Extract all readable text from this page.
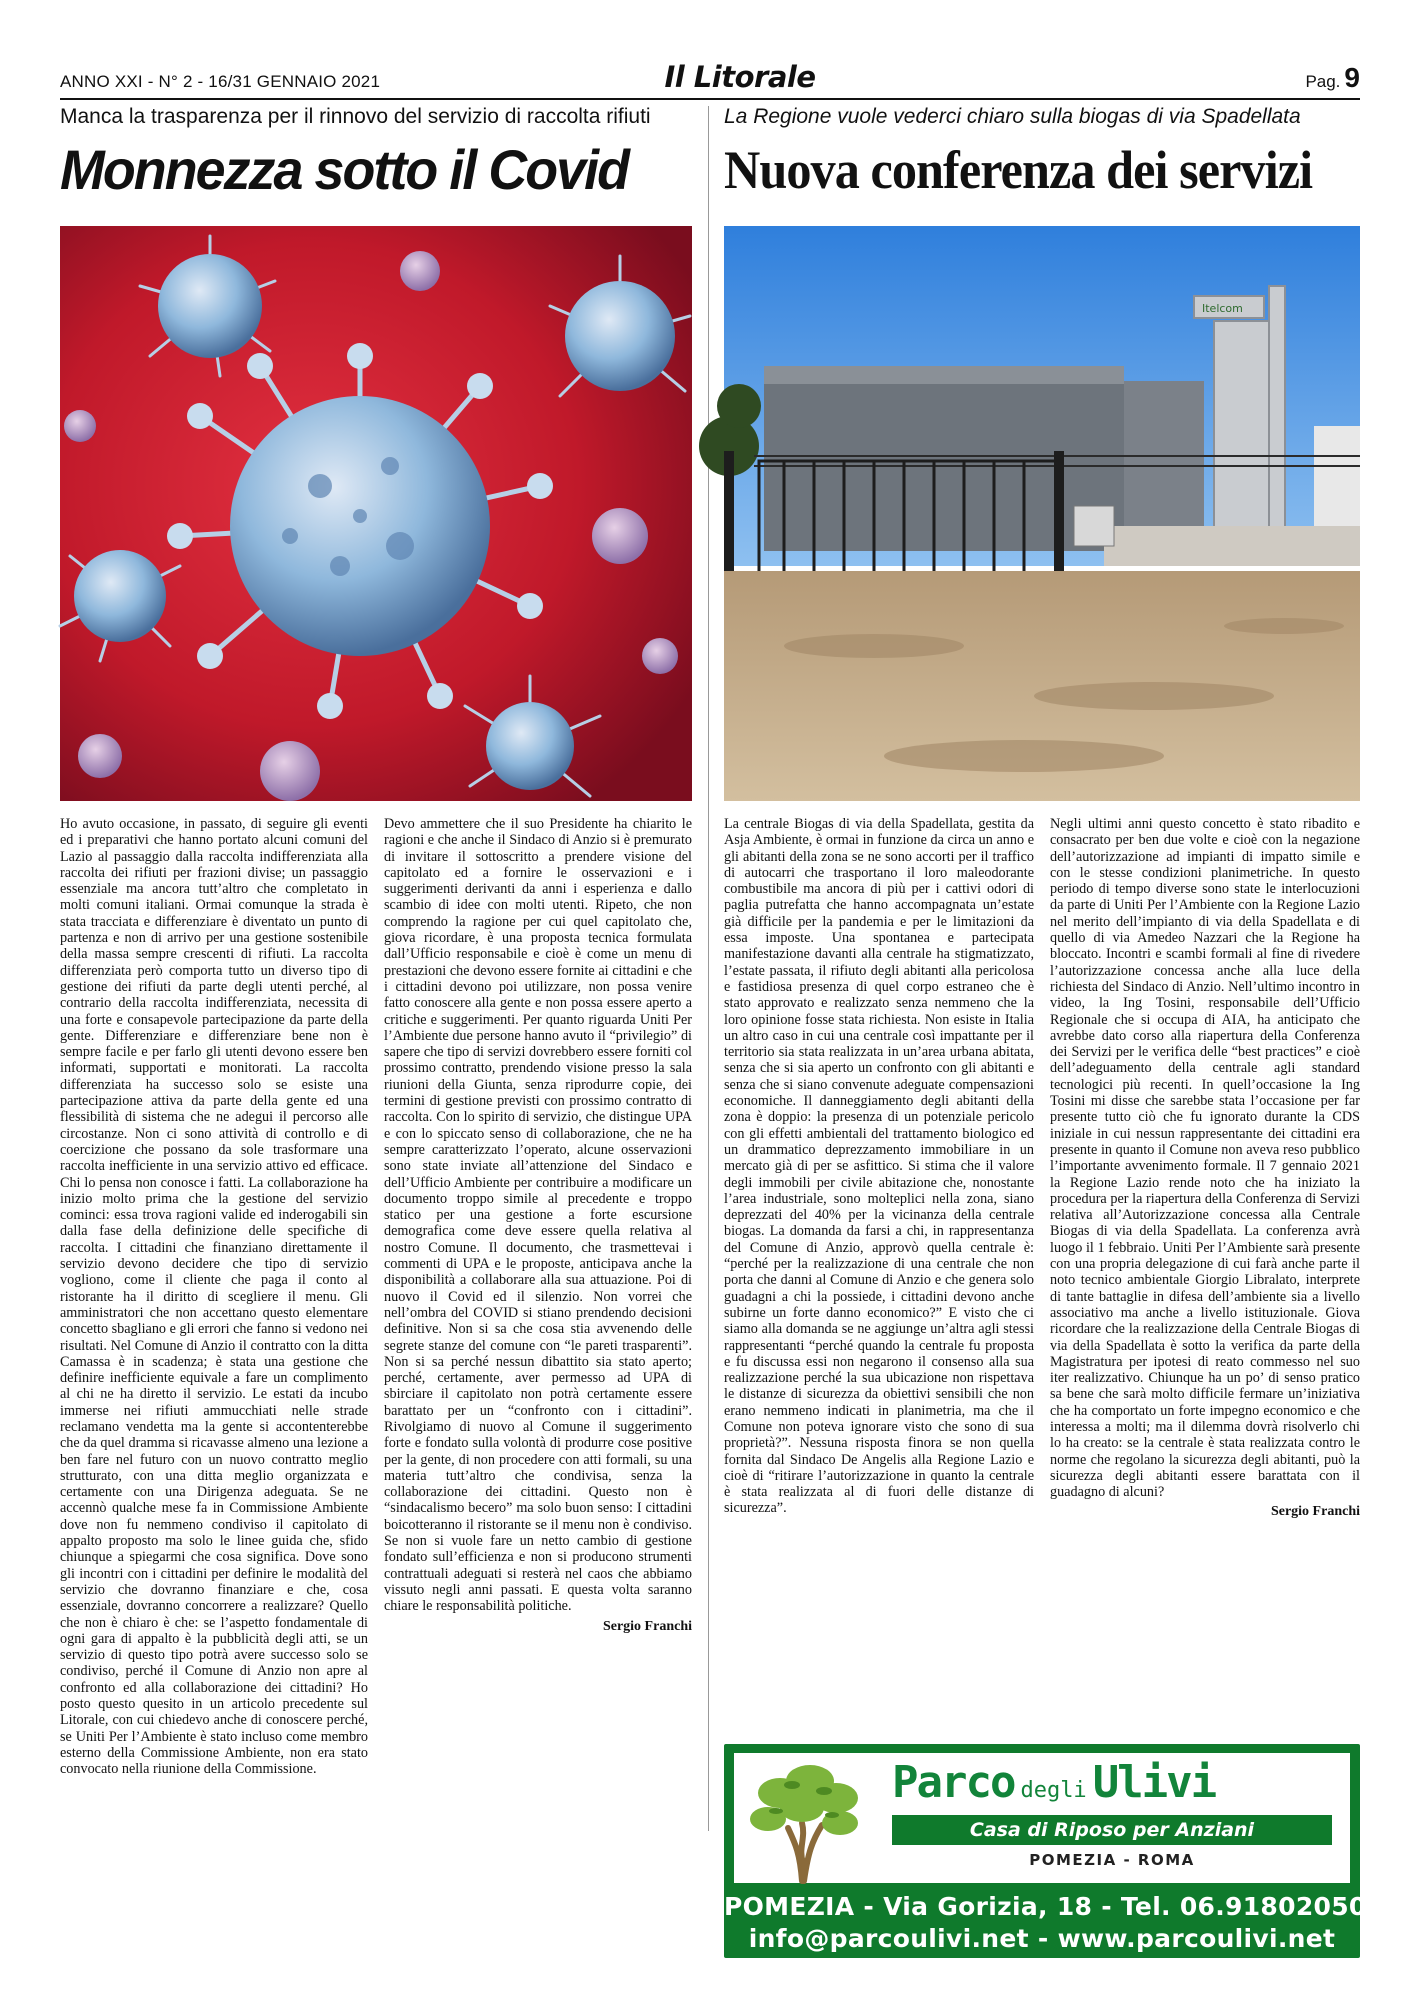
ANNO XXI - N° 2 - 16/31 GENNAIO 2021	Il Litorale	Pag. 9
Manca la trasparenza per il rinnovo del servizio di raccolta rifiuti
Monnezza sotto il Covid

Ho avuto occasione, in passato, di seguire gli eventi ed i preparativi che hanno portato alcuni comuni del Lazio al passaggio dalla raccolta indifferenziata alla raccolta dei rifiuti per frazioni divise; un passaggio essenziale ma ancora tutt’altro che completato in molti comuni italiani. Ormai comunque la strada è stata tracciata e differenziare è diventato un punto di partenza e non di arrivo per una gestione sostenibile della massa sempre crescenti di rifiuti. La raccolta differenziata però comporta tutto un diverso tipo di gestione dei rifiuti da parte degli utenti perché, al contrario della raccolta indifferenziata, necessita di una forte e consapevole partecipazione da parte della gente. Differenziare e differenziare bene non è sempre facile e per farlo gli utenti devono essere ben informati, supportati e monitorati. La raccolta differenziata ha successo solo se esiste una partecipazione attiva da parte della gente ed una flessibilità di sistema che ne adegui il percorso alle circostanze. Non ci sono attività di controllo e di coercizione che possano da sole trasformare una raccolta inefficiente in una servizio attivo ed efficace. Chi lo pensa non conosce i fatti. La collaborazione ha inizio molto prima che la gestione del servizio cominci: essa trova ragioni valide ed inderogabili sin dalla fase della definizione delle specifiche di raccolta. I cittadini che finanziano direttamente il servizio devono decidere che tipo di servizio vogliono, come il cliente che paga il conto al ristorante ha il diritto di scegliere il menu. Gli amministratori che non accettano questo elementare concetto sbagliano e gli errori che fanno si vedono nei risultati. Nel Comune di Anzio il contratto con la ditta Camassa è in scadenza; è stata una gestione che definire inefficiente equivale a fare un complimento al chi ne ha diretto il servizio. Le estati da incubo immerse nei rifiuti ammucchiati nelle strade reclamano vendetta ma la gente si accontenterebbe che da quel dramma si ricavasse almeno una lezione a ben fare nel futuro con un nuovo contratto meglio strutturato, con una ditta meglio organizzata e certamente con una Dirigenza adeguata. Se ne accennò qualche mese fa in Commissione Ambiente dove non fu nemmeno condiviso il capitolato di appalto proposto ma solo le linee guida che, sfido chiunque a spiegarmi che cosa significa. Dove sono gli incontri con i cittadini per definire le modalità del servizio che dovranno finanziare e che, cosa essenziale, dovranno concorrere a realizzare? Quello che non è chiaro è che: se l’aspetto fondamentale di ogni gara di appalto è la pubblicità degli atti, se un servizio di questo tipo potrà avere successo solo se condiviso, perché il Comune di Anzio non apre al confronto ed alla collaborazione dei cittadini? Ho posto questo quesito in un articolo precedente sul Litorale, con cui chiedevo anche di conoscere perché, se Uniti Per l’Ambiente è stato incluso come membro esterno della Commissione Ambiente, non era stato convocato nella riunione della Commissione.

Devo ammettere che il suo Presidente ha chiarito le ragioni e che anche il Sindaco di Anzio si è premurato di invitare il sottoscritto a prendere visione del capitolato ed a fornire le osservazioni e i suggerimenti derivanti da anni i esperienza e dallo scambio di idee con molti utenti. Ripeto, che non comprendo la ragione per cui quel capitolato che, giova ricordare, è una proposta tecnica formulata dall’Ufficio responsabile e cioè è come un menu di prestazioni che devono essere fornite ai cittadini e che i cittadini devono poi utilizzare, non possa venire fatto conoscere alla gente e non possa essere aperto a critiche e suggerimenti. Per quanto riguarda Uniti Per l’Ambiente due persone hanno avuto il “privilegio” di sapere che tipo di servizi dovrebbero essere forniti col prossimo contratto, prendendo visione presso la sala riunioni della Giunta, senza riprodurre copie, dei termini di gestione previsti con prossimo contratto di raccolta. Con lo spirito di servizio, che distingue UPA e con lo spiccato senso di collaborazione, che ne ha sempre caratterizzato l’operato, alcune osservazioni sono state inviate all’attenzione del Sindaco e dell’Ufficio Ambiente per contribuire a modificare un documento troppo simile al precedente e troppo statico per una gestione a forte escursione demografica come deve essere quella relativa al nostro Comune. Il documento, che trasmettevai i commenti di UPA e le proposte, anticipava anche la disponibilità a collaborare alla sua attuazione. Poi di nuovo il Covid ed il silenzio. Non vorrei che nell’ombra del COVID si stiano prendendo decisioni definitive. Non si sa che cosa stia avvenendo delle segrete stanze del comune con “le pareti trasparenti”. Non si sa perché nessun dibattito sia stato aperto; perché, certamente, aver permesso ad UPA di sbirciare il capitolato non potrà certamente essere barattato per un “confronto con i cittadini”. Rivolgiamo di nuovo al Comune il suggerimento forte e fondato sulla volontà di produrre cose positive per la gente, di non procedere con atti formali, su una materia tutt’altro che condivisa, senza la collaborazione dei cittadini. Questo non è “sindacalismo becero” ma solo buon senso: I cittadini boicotteranno il ristorante se il menu non è condiviso. Se non si vuole fare un netto cambio di gestione fondato sull’efficienza e non si producono strumenti contrattuali adeguati si resterà nel caos che abbiamo vissuto negli anni passati. E questa volta saranno chiare le responsabilità politiche.

Sergio Franchi
La Regione vuole vederci chiaro sulla biogas di via Spadellata
Nuova conferenza dei servizi
Itelcom

La centrale Biogas di via della Spadellata, gestita da Asja Ambiente, è ormai in funzione da circa un anno e gli abitanti della zona se ne sono accorti per il traffico di autocarri che trasportano il loro maleodorante combustibile ma ancora di più per i cattivi odori di paglia putrefatta che hanno accompagnata un’estate già difficile per la pandemia e per le limitazioni da essa imposte. Una spontanea e partecipata manifestazione davanti alla centrale ha stigmatizzato, l’estate passata, il rifiuto degli abitanti alla pericolosa e fastidiosa presenza di quel corpo estraneo che è stato approvato e realizzato senza nemmeno che la loro opinione fosse stata richiesta. Non esiste in Italia un altro caso in cui una centrale così impattante per il territorio sia stata realizzata in un’area urbana abitata, senza che si sia aperto un confronto con gli abitanti e senza che si siano convenute adeguate compensazioni economiche. Il danneggiamento degli abitanti della zona è doppio: la presenza di un potenziale pericolo con gli effetti ambientali del trattamento biologico ed un drammatico deprezzamento immobiliare in un mercato già di per se asfittico. Si stima che il valore degli immobili per civile abitazione che, nonostante l’area industriale, sono molteplici nella zona, siano deprezzati del 40% per la vicinanza della centrale biogas. La domanda da farsi a chi, in rappresentanza del Comune di Anzio, approvò quella centrale è: “perché per la realizzazione di una centrale che non porta che danni al Comune di Anzio e che genera solo guadagni a chi la possiede, i cittadini devono anche subirne un forte danno economico?” E visto che ci siamo alla domanda se ne aggiunge un’altra agli stessi rappresentanti “perché quando la centrale fu proposta e fu discussa essi non negarono il consenso alla sua realizzazione perché la sua ubicazione non rispettava le distanze di sicurezza da obiettivi sensibili che non erano nemmeno indicati in planimetria, ma che il Comune non poteva ignorare visto che sono di sua proprietà?”. Nessuna risposta finora se non quella fornita dal Sindaco De Angelis alla Regione Lazio e cioè di “ritirare l’autorizzazione in quanto la centrale è stata realizzata al di fuori delle distanze di sicurezza”.

Negli ultimi anni questo concetto è stato ribadito e consacrato per ben due volte e cioè con la negazione dell’autorizzazione ad impianti di impatto simile e con le stesse condizioni planimetriche. In questo periodo di tempo diverse sono state le interlocuzioni da parte di Uniti Per l’Ambiente con la Regione Lazio nel merito dell’impianto di via della Spadellata e di quello di via Amedeo Nazzari che la Regione ha bloccato. Incontri e scambi formali al fine di rivedere l’autorizzazione concessa anche alla luce della richiesta del Sindaco di Anzio. Nell’ultimo incontro in video, la Ing Tosini, responsabile dell’Ufficio Regionale che si occupa di AIA, ha anticipato che avrebbe dato corso alla riapertura della Conferenza dei Servizi per le verifica delle “best practices” e cioè dell’adeguamento della centrale agli standard tecnologici più recenti. In quell’occasione la Ing Tosini mi disse che sarebbe stata l’occasione per far presente tutto ciò che fu ignorato durante la CDS iniziale in cui nessun rappresentante dei cittadini era presente in quanto il Comune non aveva reso pubblico l’importante avvenimento formale. Il 7 gennaio 2021 la Regione Lazio rende noto che ha iniziato la procedura per la riapertura della Conferenza di Servizi relativa all’Autorizzazione concessa alla Centrale Biogas di via della Spadellata. La conferenza avrà luogo il 1 febbraio. Uniti Per l’Ambiente sarà presente con una propria delegazione di cui farà anche parte il noto tecnico ambientale Giorgio Libralato, interprete di tante battaglie in difesa dell’ambiente sia a livello associativo ma anche a livello istituzionale. Giova ricordare che la realizzazione della Centrale Biogas di via della Spadellata è sotto la verifica da parte della Magistratura per ipotesi di reato commesso nel suo iter realizzativo. Chiunque ha un po’ di senso pratico sa bene che sarà molto difficile fermare un’iniziativa che ha comportato un forte impegno economico e che interessa a molti; ma il dilemma dovrà risolverlo chi lo ha creato: se la centrale è stata realizzata contro le norme che regolano la sicurezza degli abitanti, può la sicurezza degli abitanti essere barattata con il guadagno di alcuni?

Sergio Franchi
Parco degli Ulivi
Casa di Riposo per Anziani
POMEZIA - ROMA
POMEZIA - Via Gorizia, 18 - Tel. 06.91802050
info@parcoulivi.net - www.parcoulivi.net
